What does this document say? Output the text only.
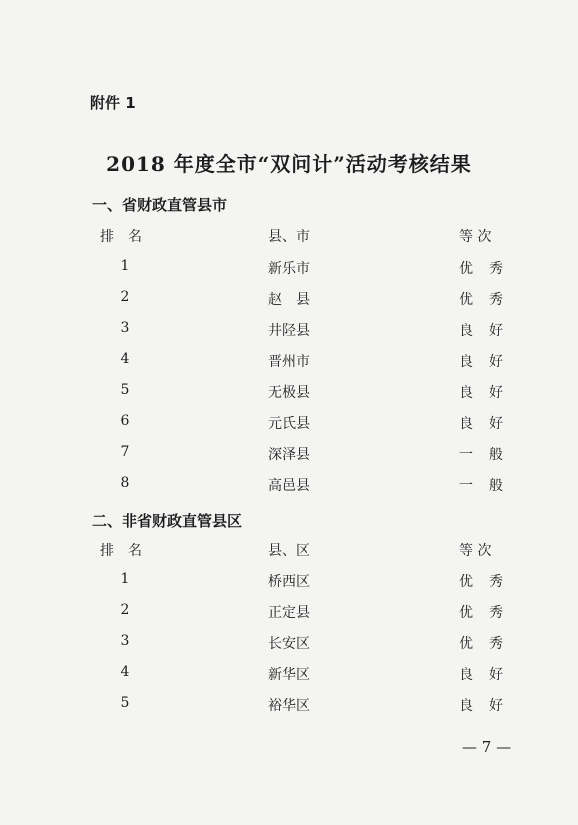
附件 1
2018 年度全市“双问计”活动考核结果
一、省财政直管县市
排　名	县、市	等 次
1	新乐市	优秀
2	赵　县	优秀
3	井陉县	良好
4	晋州市	良好
5	无极县	良好
6	元氏县	良好
7	深泽县	一般
8	高邑县	一般
二、非省财政直管县区
排　名	县、区	等 次
1	桥西区	优秀
2	正定县	优秀
3	长安区	优秀
4	新华区	良好
5	裕华区	良好
— 7 —
